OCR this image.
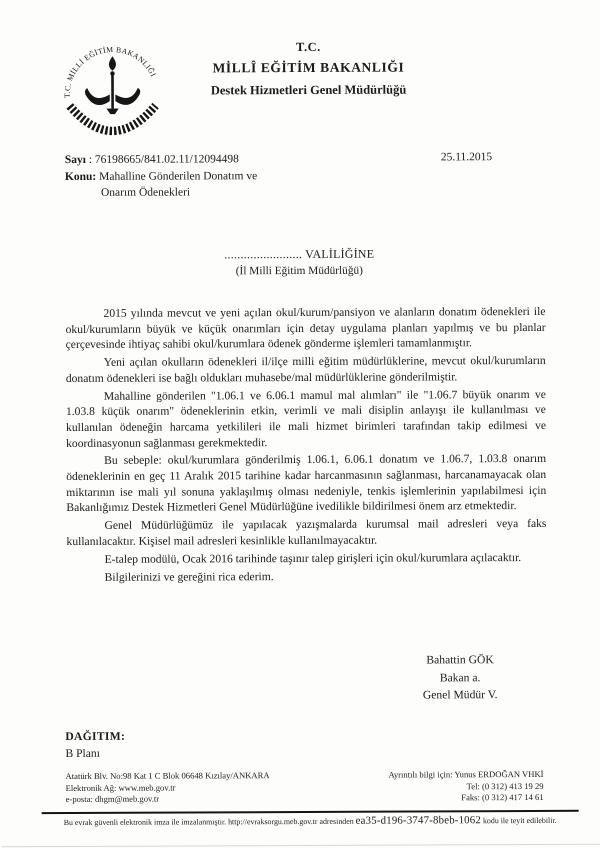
T.C. MİLLİ EĞİTİM BAKANLIĞI
T.C.
MİLLÎ EĞİTİM BAKANLIĞI
Destek Hizmetleri Genel Müdürlüğü
Sayı : 76198665/841.02.11/12094498
Konu: Mahalline Gönderilen Donatım ve
Onarım Ödenekleri
25.11.2015
........................ VALİLİĞİNE
(İl Milli Eğitim Müdürlüğü)

2015 yılında mevcut ve yeni açılan okul/kurum/pansiyon ve alanların donatım ödenekleri ile okul/kurumların büyük ve küçük onarımları için detay uygulama planları yapılmış ve bu planlar çerçevesinde ihtiyaç sahibi okul/kurumlara ödenek gönderme işlemleri tamamlanmıştır.

Yeni açılan okulların ödenekleri il/ilçe milli eğitim müdürlüklerine, mevcut okul/kurumların donatım ödenekleri ise bağlı oldukları muhasebe/mal müdürlüklerine gönderilmiştir.

Mahalline gönderilen "1.06.1 ve 6.06.1 mamul mal alımları" ile "1.06.7 büyük onarım ve 1.03.8 küçük onarım" ödeneklerinin etkin, verimli ve mali disiplin anlayışı ile kullanılması ve kullanılan ödeneğin harcama yetkilileri ile mali hizmet birimleri tarafından takip edilmesi ve koordinasyonun sağlanması gerekmektedir.

Bu sebeple: okul/kurumlara gönderilmiş 1.06.1, 6.06.1 donatım ve 1.06.7, 1.03.8 onarım ödeneklerinin en geç 11 Aralık 2015 tarihine kadar harcanmasının sağlanması, harcanamayacak olan miktarının ise mali yıl sonuna yaklaşılmış olması nedeniyle, tenkis işlemlerinin yapılabilmesi için Bakanlığımız Destek Hizmetleri Genel Müdürlüğüne ivedilikle bildirilmesi önem arz etmektedir.

Genel Müdürlüğümüz ile yapılacak yazışmalarda kurumsal mail adresleri veya faks kullanılacaktır. Kişisel mail adresleri kesinlikle kullanılmayacaktır.

E-talep modülü, Ocak 2016 tarihinde taşınır talep girişleri için okul/kurumlara açılacaktır.

Bilgilerinizi ve gereğini rica ederim.

Bahattin GÖK
Bakan a.
Genel Müdür V.
DAĞITIM:
B Planı
Atatürk Blv. No:98 Kat 1 C Blok 06648 Kızılay/ANKARA
Elektronik Ağ: www.meb.gov.tr
e-posta: dhgm@meb.gov.tr
Ayrıntılı bilgi için: Yunus ERDOĞAN VHKİ
Tel: (0 312) 413 19 29
Faks: (0 312) 417 14 61
Bu evrak güvenli elektronik imza ile imzalanmıştır. http://evraksorgu.meb.gov.tr adresinden ea35-d196-3747-8beb-1062 kodu ile teyit edilebilir.
